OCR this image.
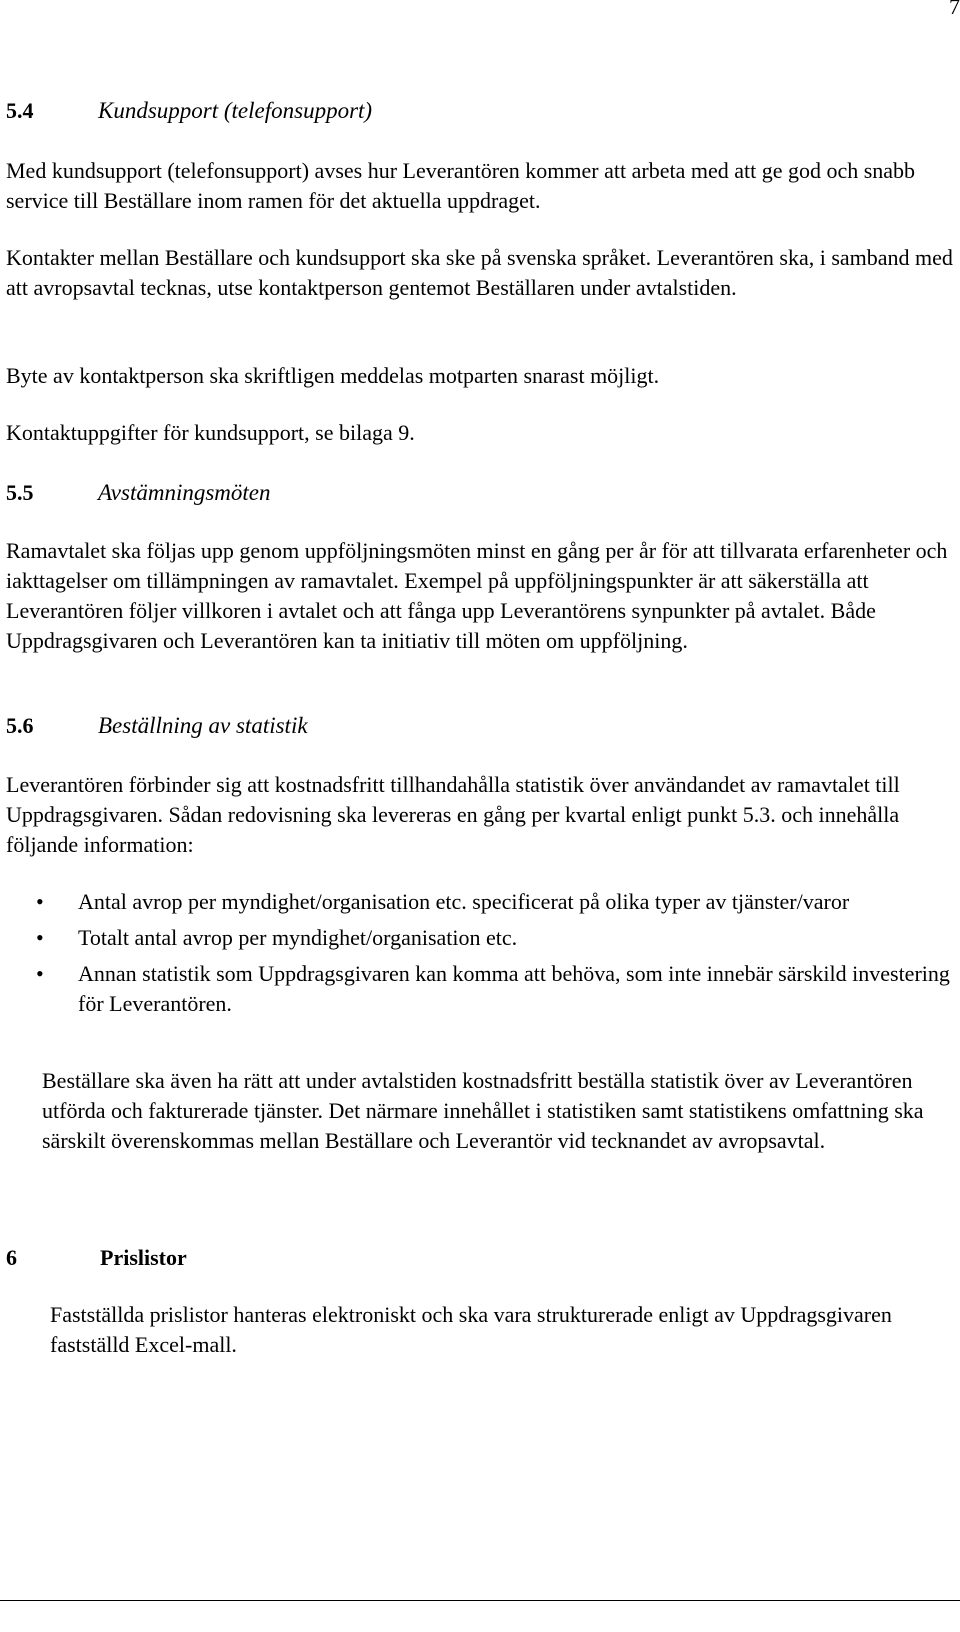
7
5.4	Kundsupport (telefonsupport)

Med kundsupport (telefonsupport) avses hur Leverantören kommer att arbeta med att ge god och snabb service till Beställare inom ramen för det aktuella uppdraget.

Kontakter mellan Beställare och kundsupport ska ske på svenska språket. Leverantören ska, i samband med att avropsavtal tecknas, utse kontaktperson gentemot Beställaren under avtalstiden.

Byte av kontaktperson ska skriftligen meddelas motparten snarast möjligt.

Kontaktuppgifter för kundsupport, se bilaga 9.

5.5	Avstämningsmöten

Ramavtalet ska följas upp genom uppföljningsmöten minst en gång per år för att tillvarata erfarenheter och iakttagelser om tillämpningen av ramavtalet. Exempel på uppföljningspunkter är att säkerställa att Leverantören följer villkoren i avtalet och att fånga upp Leverantörens synpunkter på avtalet. Både Uppdragsgivaren och Leverantören kan ta initiativ till möten om uppföljning.

5.6	Beställning av statistik

Leverantören förbinder sig att kostnadsfritt tillhandahålla statistik över användandet av ramavtalet till Uppdragsgivaren. Sådan redovisning ska levereras en gång per kvartal enligt punkt 5.3. och innehålla följande information:

• Antal avrop per myndighet/organisation etc. specificerat på olika typer av tjänster/varor
• Totalt antal avrop per myndighet/organisation etc.
• Annan statistik som Uppdragsgivaren kan komma att behöva, som inte innebär särskild investering för Leverantören.

Beställare ska även ha rätt att under avtalstiden kostnadsfritt beställa statistik över av Leverantören utförda och fakturerade tjänster. Det närmare innehållet i statistiken samt statistikens omfattning ska särskilt överenskommas mellan Beställare och Leverantör vid tecknandet av avropsavtal.

6	Prislistor

Fastställda prislistor hanteras elektroniskt och ska vara strukturerade enligt av Uppdragsgivaren fastställd Excel-mall.
